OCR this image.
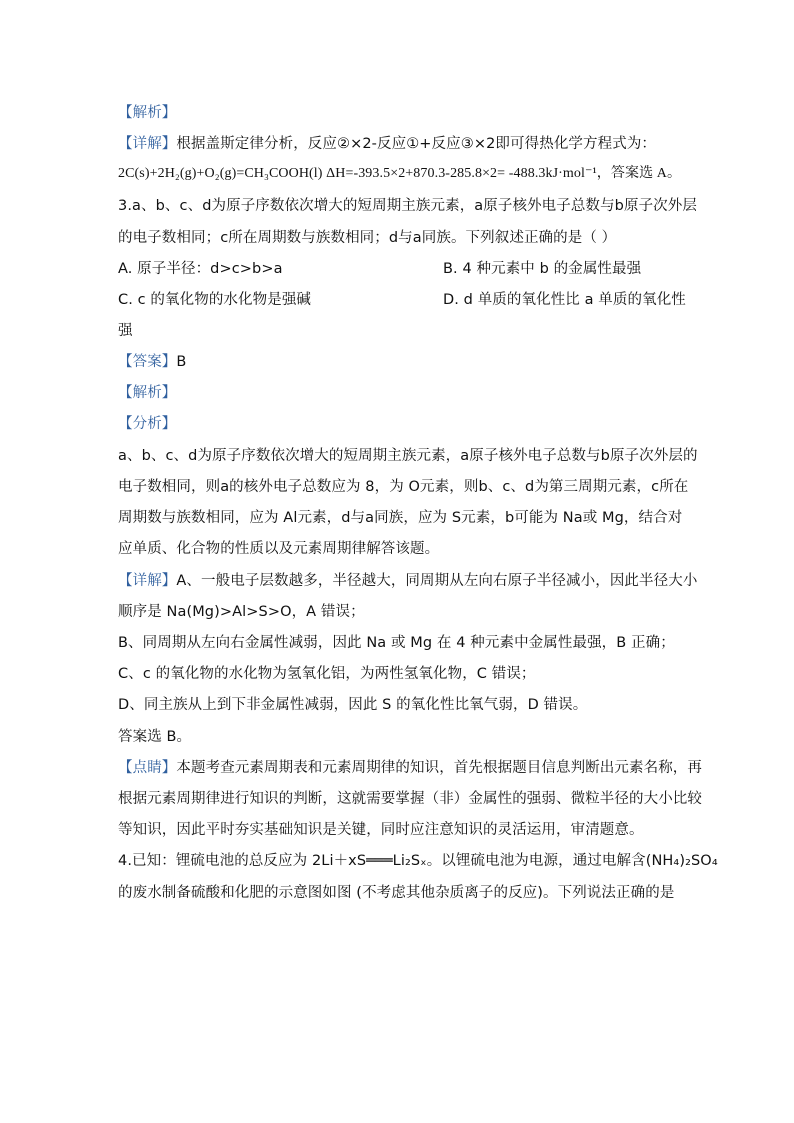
【解析】
【详解】根据盖斯定律分析，反应②×2-反应①+反应③×2即可得热化学方程式为：
2C(s)+2H₂(g)+O₂(g)=CH₃COOH(l) ΔH=-393.5×2+870.3-285.8×2= -488.3kJ·mol⁻¹，答案选 A。
3.a、b、c、d为原子序数依次增大的短周期主族元素，a原子核外电子总数与b原子次外层
的电子数相同；c所在周期数与族数相同；d与a同族。下列叙述正确的是（ ）
A. 原子半径：d>c>b>a	B. 4 种元素中 b 的金属性最强
C. c 的氧化物的水化物是强碱	D. d 单质的氧化性比 a 单质的氧化性
强
【答案】B
【解析】
【分析】
a、b、c、d为原子序数依次增大的短周期主族元素，a原子核外电子总数与b原子次外层的
电子数相同，则a的核外电子总数应为 8，为 O元素，则b、c、d为第三周期元素，c所在
周期数与族数相同，应为 Al元素，d与a同族，应为 S元素，b可能为 Na或 Mg，结合对
应单质、化合物的性质以及元素周期律解答该题。
【详解】A、一般电子层数越多，半径越大，同周期从左向右原子半径减小，因此半径大小
顺序是 Na(Mg)>Al>S>O，A 错误；
B、同周期从左向右金属性减弱，因此 Na 或 Mg 在 4 种元素中金属性最强，B 正确；
C、c 的氧化物的水化物为氢氧化铝，为两性氢氧化物，C 错误；
D、同主族从上到下非金属性减弱，因此 S 的氧化性比氧气弱，D 错误。
答案选 B。
【点睛】本题考查元素周期表和元素周期律的知识，首先根据题目信息判断出元素名称，再
根据元素周期律进行知识的判断，这就需要掌握（非）金属性的强弱、微粒半径的大小比较
等知识，因此平时夯实基础知识是关键，同时应注意知识的灵活运用，审清题意。
4.已知：锂硫电池的总反应为 2Li＋xS═══Li₂Sₓ。以锂硫电池为电源，通过电解含(NH₄)₂SO₄
的废水制备硫酸和化肥的示意图如图 (不考虑其他杂质离子的反应)。下列说法正确的是
